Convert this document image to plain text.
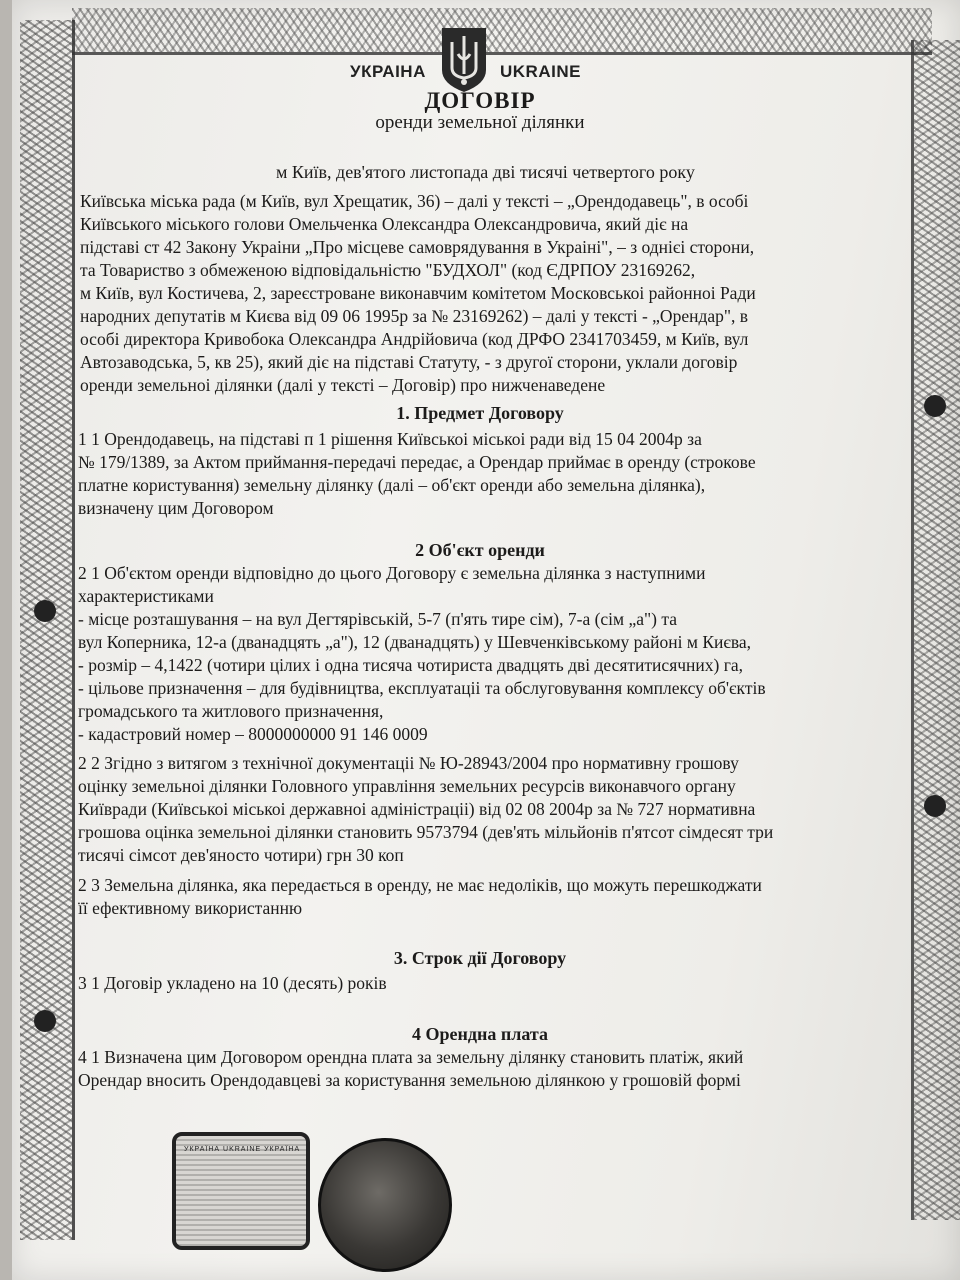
УКРАІНА	UKRAINE
ДОГОВІР
оренди земельної ділянки
м Київ, дев'ятого листопада дві тисячі четвертого року
Київська міська рада (м Київ, вул Хрещатик, 36) – далі у тексті – „Орендодавець", в особі
Київського міського голови Омельченка Олександра Олександровича, який діє на
підставі ст 42 Закону Украіни „Про місцеве самоврядування в Украіні", – з однієі сторони,
та Товариство з обмеженою відповідальністю "БУДХОЛ" (код ЄДРПОУ 23169262,
м Київ, вул Костичева, 2, зареєстроване виконавчим комітетом Московськоі районноі Ради
народних депутатів м Києва від 09 06 1995р за № 23169262) – далі у тексті - „Орендар", в
особі директора Кривобока Олександра Андрійовича (код ДРФО 2341703459, м Київ, вул
Автозаводська, 5, кв 25), який діє на підставі Статуту, - з другої сторони, уклали договір
оренди земельноі ділянки (далі у тексті – Договір) про нижченаведене
1. Предмет Договору
1 1 Орендодавець, на підставі п 1 рішення Київськоі міськоі ради від 15 04 2004р за
№ 179/1389, за Актом приймання-передачі передає, а Орендар приймає в оренду (строкове
платне користування) земельну ділянку (далі – об'єкт оренди або земельна ділянка),
визначену цим Договором
2 Об'єкт оренди
2 1 Об'єктом оренди відповідно до цього Договору є земельна ділянка з наступними
характеристиками
- місце розташування – на вул Дегтярівській, 5-7 (п'ять тире сім), 7-а (сім „а") та
вул Коперника, 12-а (дванадцять „а"), 12 (дванадцять) у Шевченківському районі м Києва,
- розмір – 4,1422 (чотири цілих і одна тисяча чотириста двадцять дві десятитисячних) га,
- цільове призначення – для будівництва, експлуатаціі та обслуговування комплексу об'єктів
громадського та житлового призначення,
- кадастровий номер – 8000000000 91 146 0009
2 2 Згідно з витягом з технічної документаціі № Ю-28943/2004 про нормативну грошову
оцінку земельноі ділянки Головного управління земельних ресурсів виконавчого органу
Київради (Київськоі міськоі державноі адміністраціі) від 02 08 2004р за № 727 нормативна
грошова оцінка земельноі ділянки становить 9573794 (дев'ять мільйонів п'ятсот сімдесят три
тисячі сімсот дев'яносто чотири) грн 30 коп
2 3 Земельна ділянка, яка передається в оренду, не має недоліків, що можуть перешкоджати
її ефективному використанню
3. Строк дії Договору
3 1 Договір укладено на 10 (десять) років
4 Орендна плата
4 1 Визначена цим Договором орендна плата за земельну ділянку становить платіж, який
Орендар вносить Орендодавцеві за користування земельною ділянкою у грошовій формі
УКРАЇНА UKRAINE УКРАЇНА
